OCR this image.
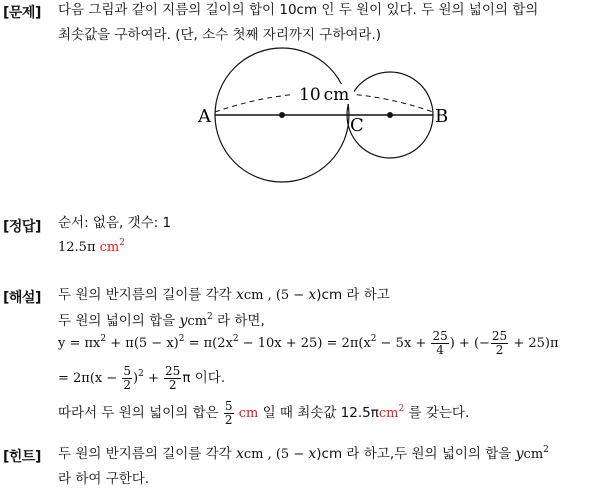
[문제] 다음 그림과 같이 지름의 길이의 합이 10cm 인 두 원이 있다. 두 원의 넓이의 합의
최솟값을 구하여라. (단, 소수 첫째 자리까지 구하여라.)
A	B
C
10 cm
[정답] 순서: 없음, 갯수: 1
12.5π $cm^2$
[해설] 두 원의 반지름의 길이를 각각 xcm , (5 − x)cm 라 하고
두 원의 넓이의 합을 ycm$^2$ 라 하면,
$y = \pi x^2 + \pi(5 - x)^2 = \pi(2x^2 - 10x + 25) = 2\pi(x^2 - 5x + \frac{25}{4}$ ) + (− $\frac{25}{2} + 25)\pi$
= $2\pi(x - \frac{5}{2} )^2 + \frac{25}{2}$ π 이다.
따라서 두 원의 넓이의 합은 $\frac{5}{2}$ cm 일 때 최솟값 12.5πcm$^2$ 를 갖는다.
[힌트] 두 원의 반지름의 길이를 각각 xcm , (5 − x)cm 라 하고,두 원의 넓이의 합을 ycm$^2$
라 하여 구한다.
